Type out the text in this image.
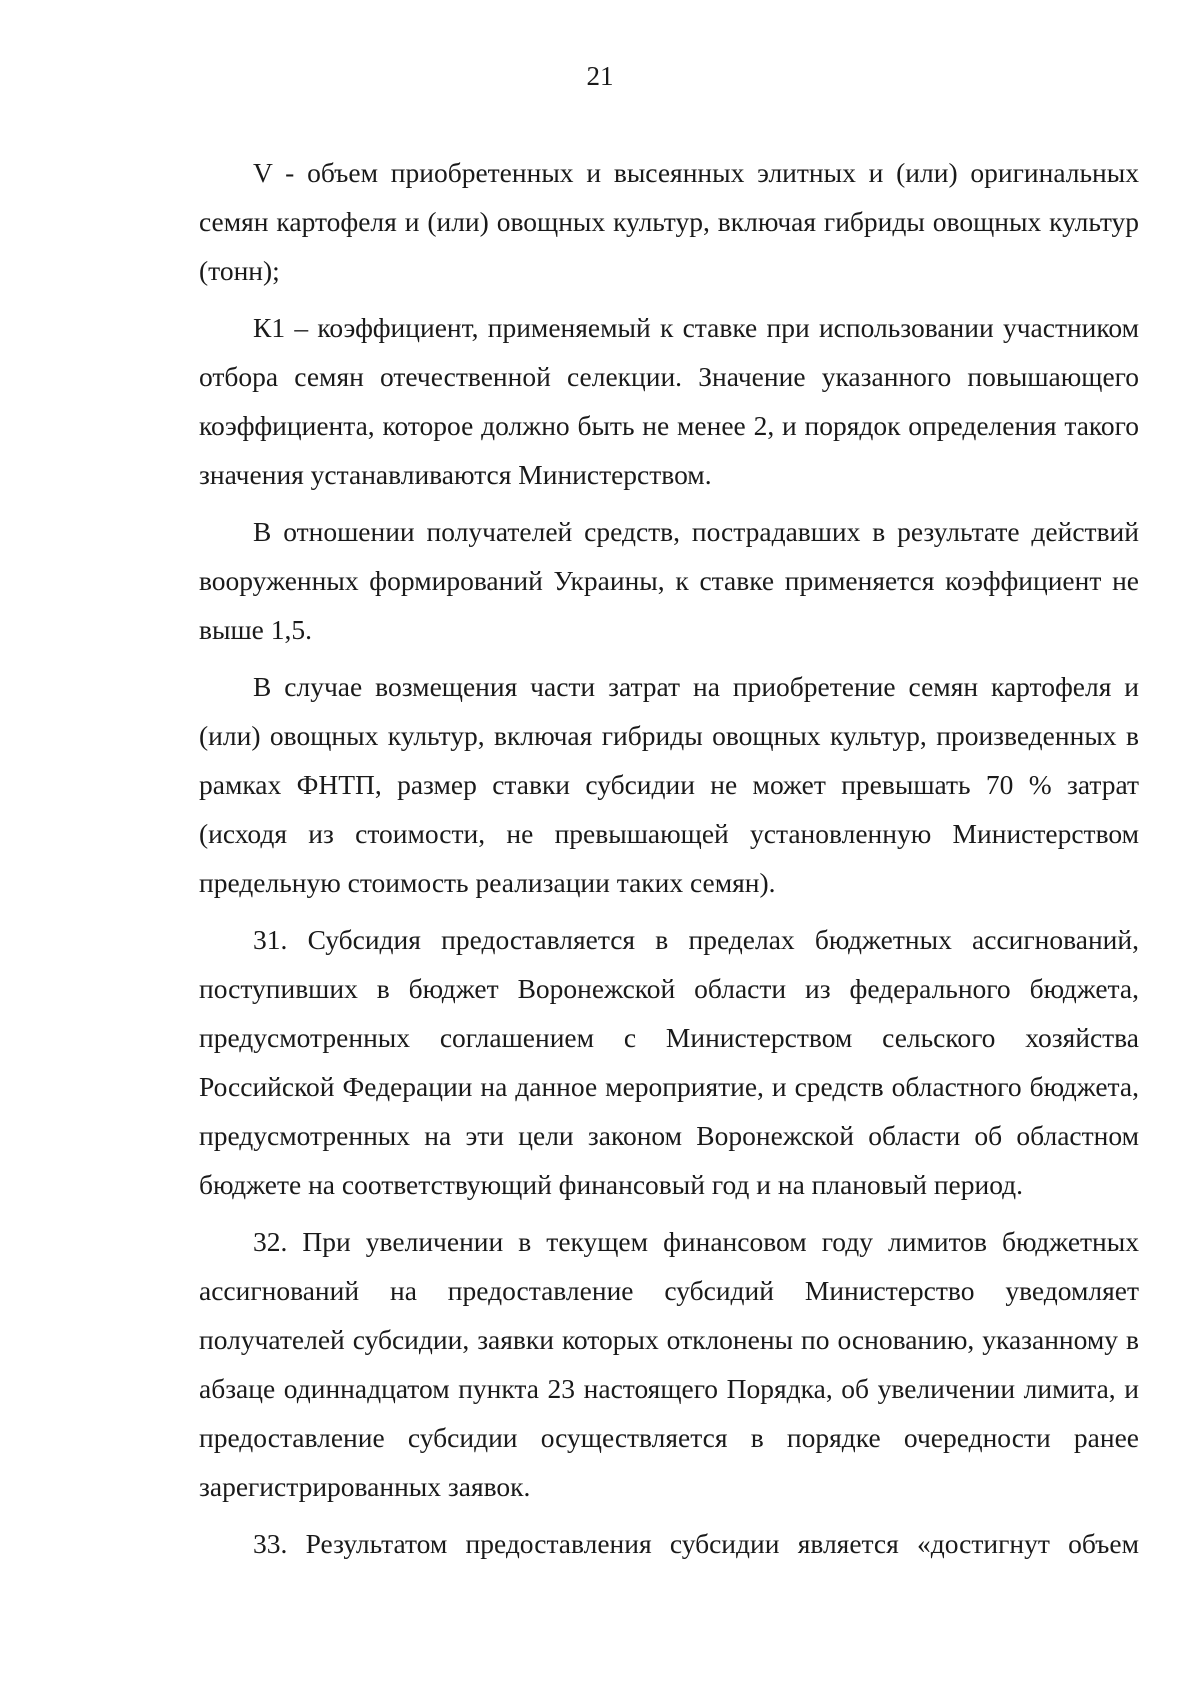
21

V - объем приобретенных и высеянных элитных и (или) оригинальных семян картофеля и (или) овощных культур, включая гибриды овощных культур (тонн);

К1 – коэффициент, применяемый к ставке при использовании участником отбора семян отечественной селекции. Значение указанного повышающего коэффициента, которое должно быть не менее 2, и порядок определения такого значения устанавливаются Министерством.

В отношении получателей средств, пострадавших в результате действий вооруженных формирований Украины, к ставке применяется коэффициент не выше 1,5.

В случае возмещения части затрат на приобретение семян картофеля и (или) овощных культур, включая гибриды овощных культур, произведенных в рамках ФНТП, размер ставки субсидии не может превышать 70 % затрат (исходя из стоимости, не превышающей установленную Министерством предельную стоимость реализации таких семян).

31. Субсидия предоставляется в пределах бюджетных ассигнований, поступивших в бюджет Воронежской области из федерального бюджета, предусмотренных соглашением с Министерством сельского хозяйства Российской Федерации на данное мероприятие, и средств областного бюджета, предусмотренных на эти цели законом Воронежской области об областном бюджете на соответствующий финансовый год и на плановый период.

32. При увеличении в текущем финансовом году лимитов бюджетных ассигнований на предоставление субсидий Министерство уведомляет получателей субсидии, заявки которых отклонены по основанию, указанному в абзаце одиннадцатом пункта 23 настоящего Порядка, об увеличении лимита, и предоставление субсидии осуществляется в порядке очередности ранее зарегистрированных заявок.

33. Результатом предоставления субсидии является «достигнут объем
